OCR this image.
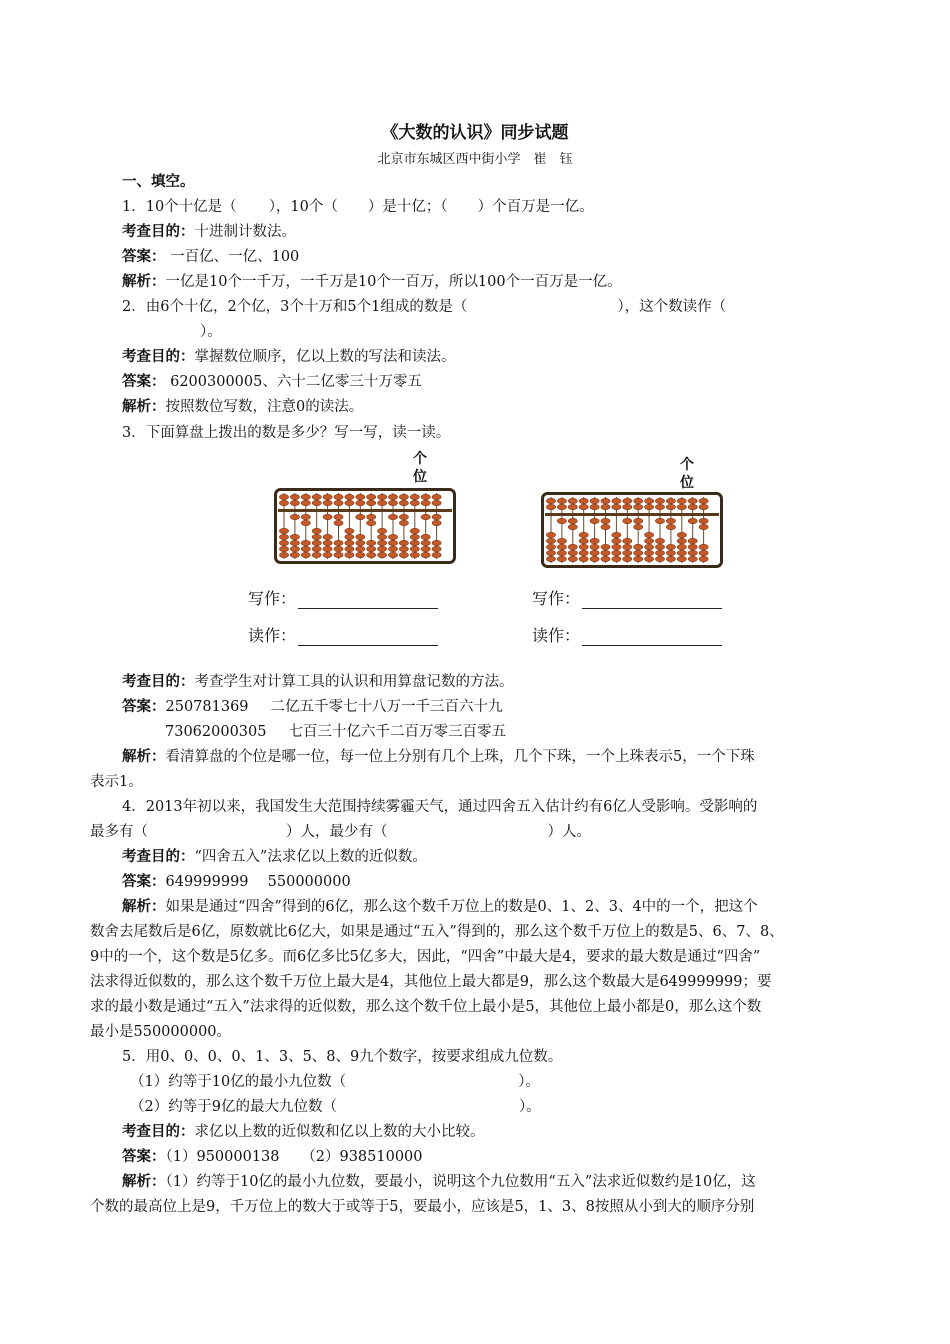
《大数的认识》同步试题
北京市东城区西中街小学　崔　钰
一、填空。
1．10个十亿是（ ），10个（ ）是十亿；（ ）个百万是一亿。
考查目的：十进制计数法。
答案： 一百亿、一亿、100
解析：一亿是10个一千万，一千万是10个一百万，所以100个一百万是一亿。
2．由6个十亿，2个亿，3个十万和5个1组成的数是（	），这个数读作（
）。
考查目的：掌握数位顺序，亿以上数的写法和读法。
答案： 6200300005、六十二亿零三十万零五
解析：按照数位写数，注意0的读法。
3．下面算盘上拨出的数是多少？写一写，读一读。
个
位
个
位
写作：
读作：
写作：
读作：
考查目的：考查学生对计算工具的认识和用算盘记数的方法。
答案：250781369 二亿五千零七十八万一千三百六十九
73062000305 七百三十亿六千二百万零三百零五
解析：看清算盘的个位是哪一位，每一位上分别有几个上珠，几个下珠，一个上珠表示5，一个下珠
表示1。
4．2013年初以来，我国发生大范围持续雾霾天气，通过四舍五入估计约有6亿人受影响。受影响的
最多有（	）人，最少有（	）人。
考查目的：“四舍五入”法求亿以上数的近似数。
答案：649999999　 550000000
解析：如果是通过“四舍”得到的6亿，那么这个数千万位上的数是0、1、2、3、4中的一个，把这个
数舍去尾数后是6亿，原数就比6亿大，如果是通过“五入”得到的，那么这个数千万位上的数是5、6、7、8、
9中的一个，这个数是5亿多。而6亿多比5亿多大，因此，“四舍”中最大是4，要求的最大数是通过“四舍”
法求得近似数的，那么这个数千万位上最大是4，其他位上最大都是9，那么这个数最大是649999999；要
求的最小数是通过“五入”法求得的近似数，那么这个数千位上最小是5，其他位上最小都是0，那么这个数
最小是550000000。
5．用0、0、0、0、1、3、5、8、9九个数字，按要求组成九位数。
（1）约等于10亿的最小九位数（	）。
（2）约等于9亿的最大九位数（	）。
考查目的：求亿以上数的近似数和亿以上数的大小比较。
答案：（1）950000138　　（2）938510000
解析：（1）约等于10亿的最小九位数，要最小，说明这个九位数用“五入”法求近似数约是10亿，这
个数的最高位上是9，千万位上的数大于或等于5，要最小，应该是5，1、3、8按照从小到大的顺序分别
